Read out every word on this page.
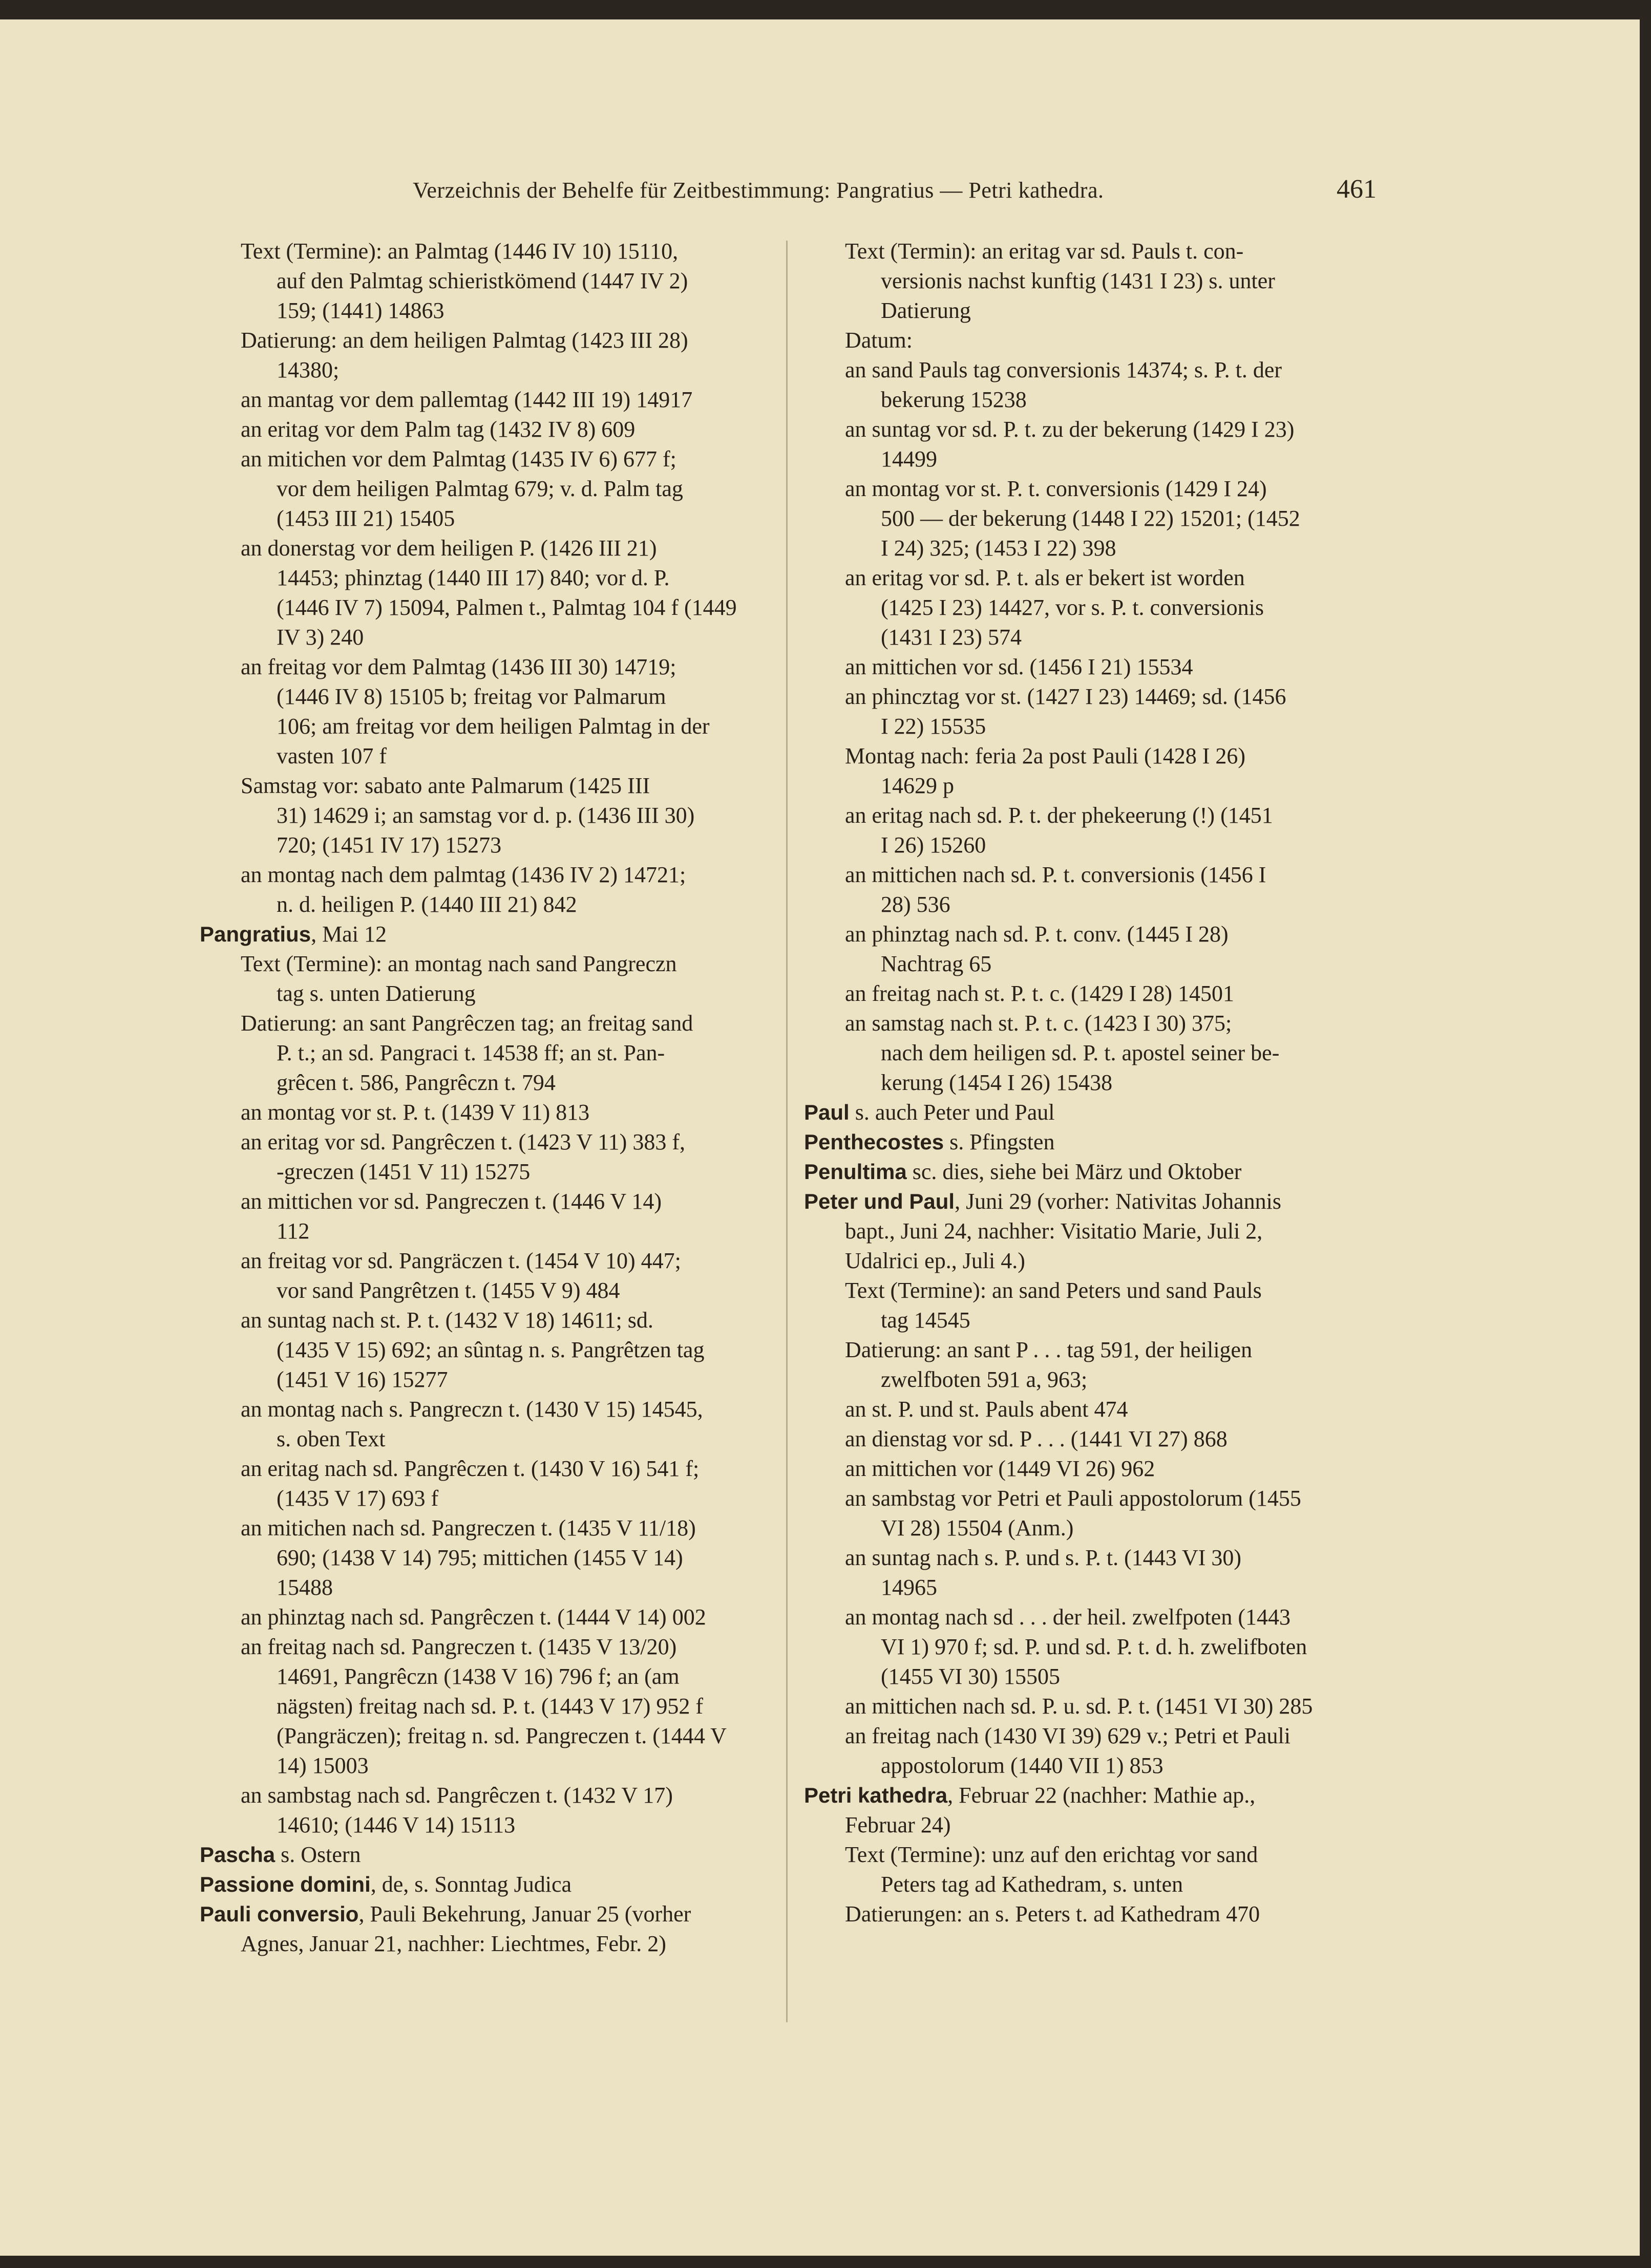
Verzeichnis der Behelfe für Zeitbestimmung: Pangratius — Petri kathedra.	461
Text (Termine): an Palmtag (1446 IV 10) 15110,
auf den Palmtag schieristkömend (1447 IV 2)
159; (1441) 14863
Datierung: an dem heiligen Palmtag (1423 III 28)
14380;
an mantag vor dem pallemtag (1442 III 19) 14917
an eritag vor dem Palm tag (1432 IV 8) 609
an mitichen vor dem Palmtag (1435 IV 6) 677 f;
vor dem heiligen Palmtag 679; v. d. Palm tag
(1453 III 21) 15405
an donerstag vor dem heiligen P. (1426 III 21)
14453; phinztag (1440 III 17) 840; vor d. P.
(1446 IV 7) 15094, Palmen t., Palmtag 104 f (1449
IV 3) 240
an freitag vor dem Palmtag (1436 III 30) 14719;
(1446 IV 8) 15105 b; freitag vor Palmarum
106; am freitag vor dem heiligen Palmtag in der
vasten 107 f
Samstag vor: sabato ante Palmarum (1425 III
31) 14629 i; an samstag vor d. p. (1436 III 30)
720; (1451 IV 17) 15273
an montag nach dem palmtag (1436 IV 2) 14721;
n. d. heiligen P. (1440 III 21) 842
Pangratius, Mai 12
Text (Termine): an montag nach sand Pangreczn
tag s. unten Datierung
Datierung: an sant Pangrêczen tag; an freitag sand
P. t.; an sd. Pangraci t. 14538 ff; an st. Pan-
grêcen t. 586, Pangrêczn t. 794
an montag vor st. P. t. (1439 V 11) 813
an eritag vor sd. Pangrêczen t. (1423 V 11) 383 f,
-greczen (1451 V 11) 15275
an mittichen vor sd. Pangreczen t. (1446 V 14)
112
an freitag vor sd. Pangräczen t. (1454 V 10) 447;
vor sand Pangrêtzen t. (1455 V 9) 484
an suntag nach st. P. t. (1432 V 18) 14611; sd.
(1435 V 15) 692; an sûntag n. s. Pangrêtzen tag
(1451 V 16) 15277
an montag nach s. Pangreczn t. (1430 V 15) 14545,
s. oben Text
an eritag nach sd. Pangrêczen t. (1430 V 16) 541 f;
(1435 V 17) 693 f
an mitichen nach sd. Pangreczen t. (1435 V 11/18)
690; (1438 V 14) 795; mittichen (1455 V 14)
15488
an phinztag nach sd. Pangrêczen t. (1444 V 14) 002
an freitag nach sd. Pangreczen t. (1435 V 13/20)
14691, Pangrêczn (1438 V 16) 796 f; an (am
nägsten) freitag nach sd. P. t. (1443 V 17) 952 f
(Pangräczen); freitag n. sd. Pangreczen t. (1444 V
14) 15003
an sambstag nach sd. Pangrêczen t. (1432 V 17)
14610; (1446 V 14) 15113
Pascha s. Ostern
Passione domini, de, s. Sonntag Judica
Pauli conversio, Pauli Bekehrung, Januar 25 (vorher
Agnes, Januar 21, nachher: Liechtmes, Febr. 2)
Text (Termin): an eritag var sd. Pauls t. con-
versionis nachst kunftig (1431 I 23) s. unter
Datierung
Datum:
an sand Pauls tag conversionis 14374; s. P. t. der
bekerung 15238
an suntag vor sd. P. t. zu der bekerung (1429 I 23)
14499
an montag vor st. P. t. conversionis (1429 I 24)
500 — der bekerung (1448 I 22) 15201; (1452
I 24) 325; (1453 I 22) 398
an eritag vor sd. P. t. als er bekert ist worden
(1425 I 23) 14427, vor s. P. t. conversionis
(1431 I 23) 574
an mittichen vor sd. (1456 I 21) 15534
an phincztag vor st. (1427 I 23) 14469; sd. (1456
I 22) 15535
Montag nach: feria 2a post Pauli (1428 I 26)
14629 p
an eritag nach sd. P. t. der phekeerung (!) (1451
I 26) 15260
an mittichen nach sd. P. t. conversionis (1456 I
28) 536
an phinztag nach sd. P. t. conv. (1445 I 28)
Nachtrag 65
an freitag nach st. P. t. c. (1429 I 28) 14501
an samstag nach st. P. t. c. (1423 I 30) 375;
nach dem heiligen sd. P. t. apostel seiner be-
kerung (1454 I 26) 15438
Paul s. auch Peter und Paul
Penthecostes s. Pfingsten
Penultima sc. dies, siehe bei März und Oktober
Peter und Paul, Juni 29 (vorher: Nativitas Johannis
bapt., Juni 24, nachher: Visitatio Marie, Juli 2,
Udalrici ep., Juli 4.)
Text (Termine): an sand Peters und sand Pauls
tag 14545
Datierung: an sant P . . . tag 591, der heiligen
zwelfboten 591 a, 963;
an st. P. und st. Pauls abent 474
an dienstag vor sd. P . . . (1441 VI 27) 868
an mittichen vor (1449 VI 26) 962
an sambstag vor Petri et Pauli appostolorum (1455
VI 28) 15504 (Anm.)
an suntag nach s. P. und s. P. t. (1443 VI 30)
14965
an montag nach sd . . . der heil. zwelfpoten (1443
VI 1) 970 f; sd. P. und sd. P. t. d. h. zwelifboten
(1455 VI 30) 15505
an mittichen nach sd. P. u. sd. P. t. (1451 VI 30) 285
an freitag nach (1430 VI 39) 629 v.; Petri et Pauli
appostolorum (1440 VII 1) 853
Petri kathedra, Februar 22 (nachher: Mathie ap.,
Februar 24)
Text (Termine): unz auf den erichtag vor sand
Peters tag ad Kathedram, s. unten
Datierungen: an s. Peters t. ad Kathedram 470
